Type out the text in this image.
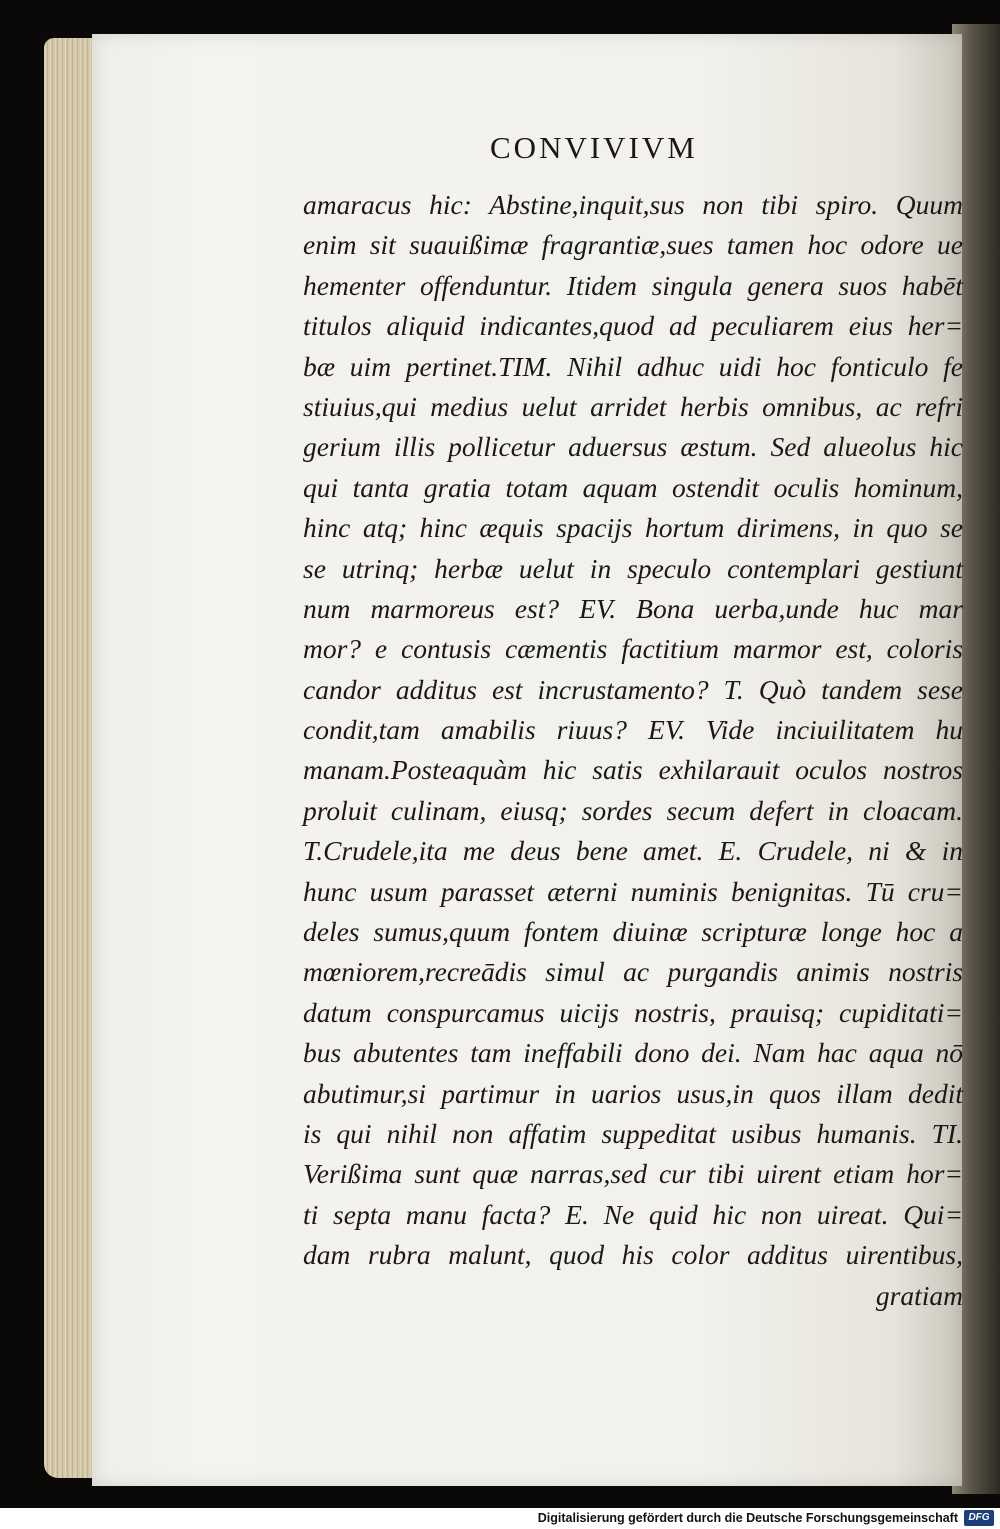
CONVIVIVM
amaracus hic: Abstine,inquit,sus non tibi spiro. Quum
enim sit suauißimæ fragrantiæ,sues tamen hoc odore ue
hementer offenduntur. Itidem singula genera suos habēt
titulos aliquid indicantes,quod ad peculiarem eius her=
bæ uim pertinet.TIM. Nihil adhuc uidi hoc fonticulo fe
stiuius,qui medius uelut arridet herbis omnibus, ac refri
gerium illis pollicetur aduersus æstum. Sed alueolus hic
qui tanta gratia totam aquam ostendit oculis hominum,
hinc atq; hinc æquis spacijs hortum dirimens, in quo se
se utrinq; herbæ uelut in speculo contemplari gestiunt
num marmoreus est? EV. Bona uerba,unde huc mar
mor? e contusis cæmentis factitium marmor est, coloris
candor additus est incrustamento? T. Quò tandem sese
condit,tam amabilis riuus? EV. Vide inciuilitatem hu
manam.Posteaquàm hic satis exhilarauit oculos nostros
proluit culinam, eiusq; sordes secum defert in cloacam.
T.Crudele,ita me deus bene amet. E. Crudele, ni & in
hunc usum parasset æterni numinis benignitas. Tū cru=
deles sumus,quum fontem diuinæ scripturæ longe hoc a
mœniorem,recreādis simul ac purgandis animis nostris
datum conspurcamus uicijs nostris, prauisq; cupiditati=
bus abutentes tam ineffabili dono dei. Nam hac aqua nō
abutimur,si partimur in uarios usus,in quos illam dedit
is qui nihil non affatim suppeditat usibus humanis. TI.
Verißima sunt quæ narras,sed cur tibi uirent etiam hor=
ti septa manu facta? E. Ne quid hic non uireat. Qui=
dam rubra malunt, quod his color additus uirentibus,
gratiam
Digitalisierung gefördert durch die Deutsche Forschungsgemeinschaft	DFG
